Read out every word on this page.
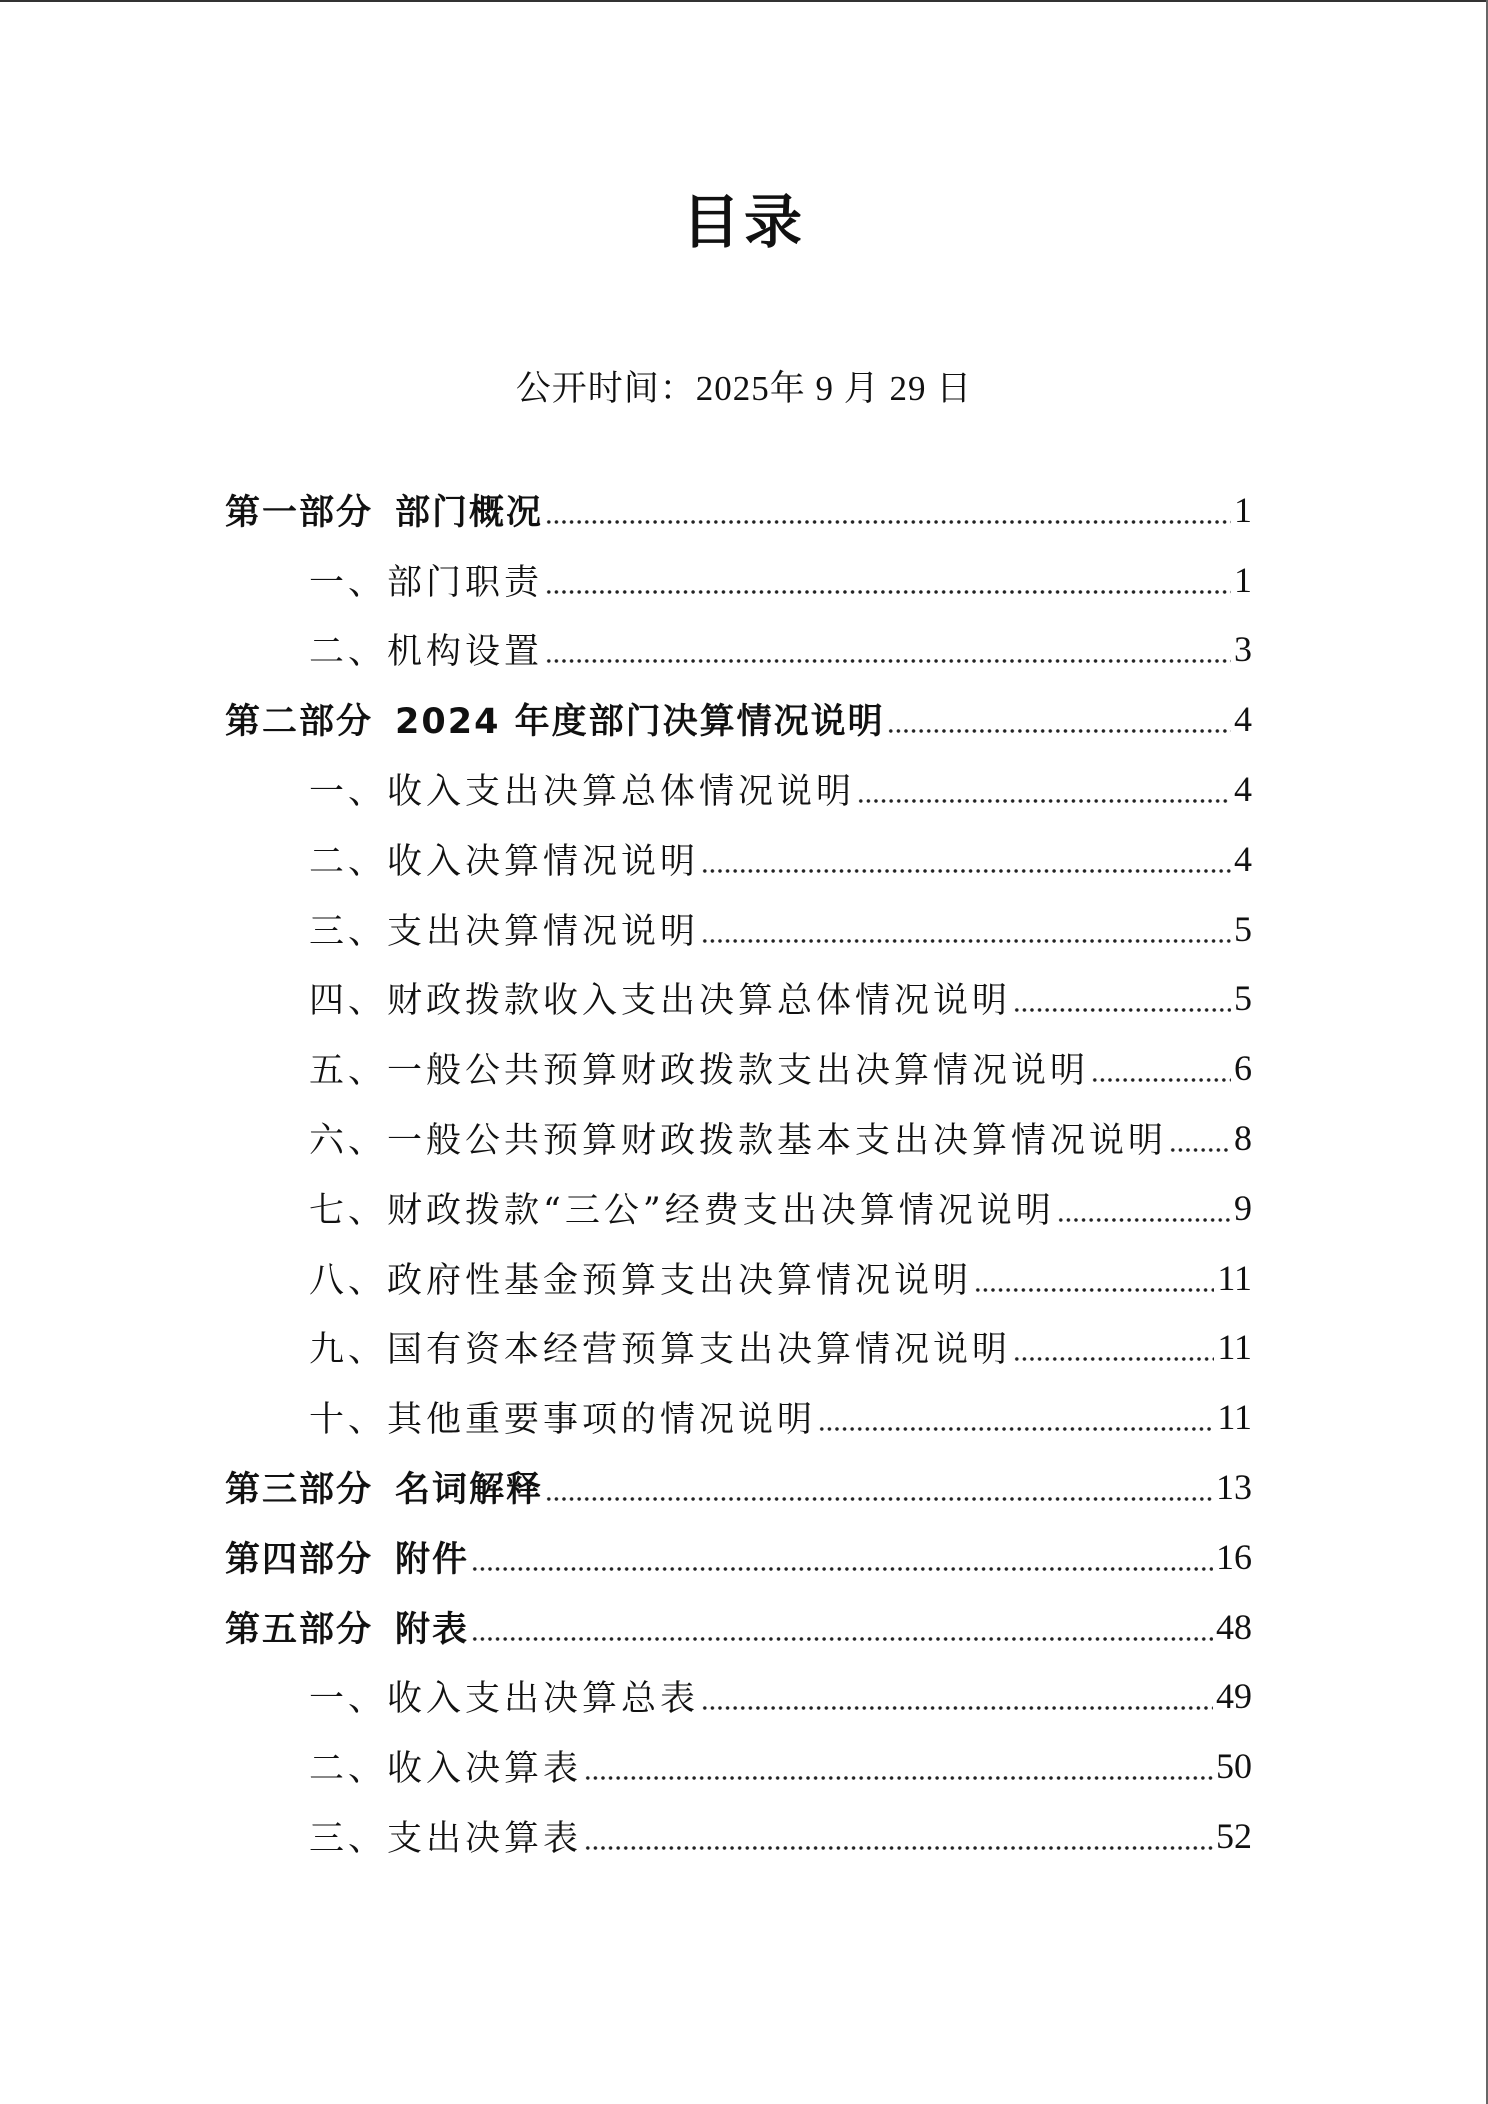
目录
公开时间：2025年 9 月 29 日
第一部分 部门概况	1
一、部门职责	1
二、机构设置	3
第二部分 2024 年度部门决算情况说明	4
一、收入支出决算总体情况说明	4
二、收入决算情况说明	4
三、支出决算情况说明	5
四、财政拨款收入支出决算总体情况说明	5
五、一般公共预算财政拨款支出决算情况说明	6
六、一般公共预算财政拨款基本支出决算情况说明 8
七、财政拨款“三公”经费支出决算情况说明	9
八、政府性基金预算支出决算情况说明	11
九、国有资本经营预算支出决算情况说明	11
十、其他重要事项的情况说明	11
第三部分 名词解释	13
第四部分 附件	16
第五部分 附表	48
一、收入支出决算总表	49
二、收入决算表	50
三、支出决算表	52
